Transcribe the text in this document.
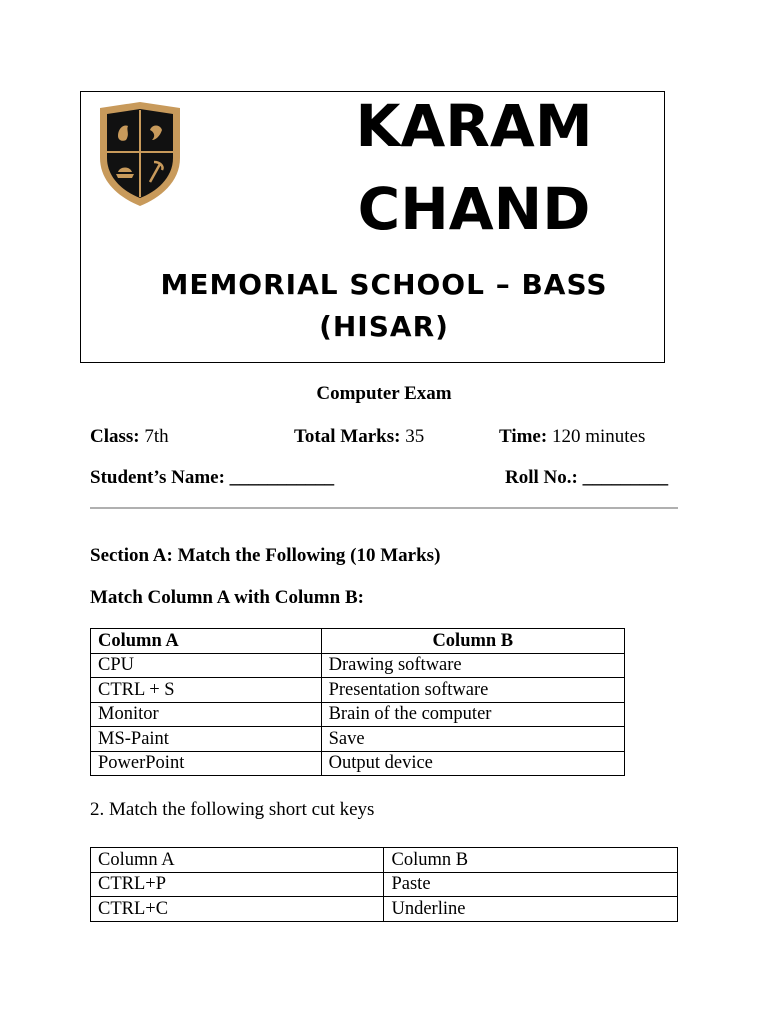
KARAM
CHAND
MEMORIAL SCHOOL – BASS
(HISAR)
Computer Exam
Class: 7th	Total Marks: 35	Time: 120 minutes
Student’s Name: ___________	Roll No.: _________
Section A: Match the Following (10 Marks)
Match Column A with Column B:
Column A	Column B
CPU	Drawing software
CTRL + S	Presentation software
Monitor	Brain of the computer
MS-Paint	Save
PowerPoint	Output device
2. Match the following short cut keys
Column A	Column B
CTRL+P	Paste
CTRL+C	Underline
